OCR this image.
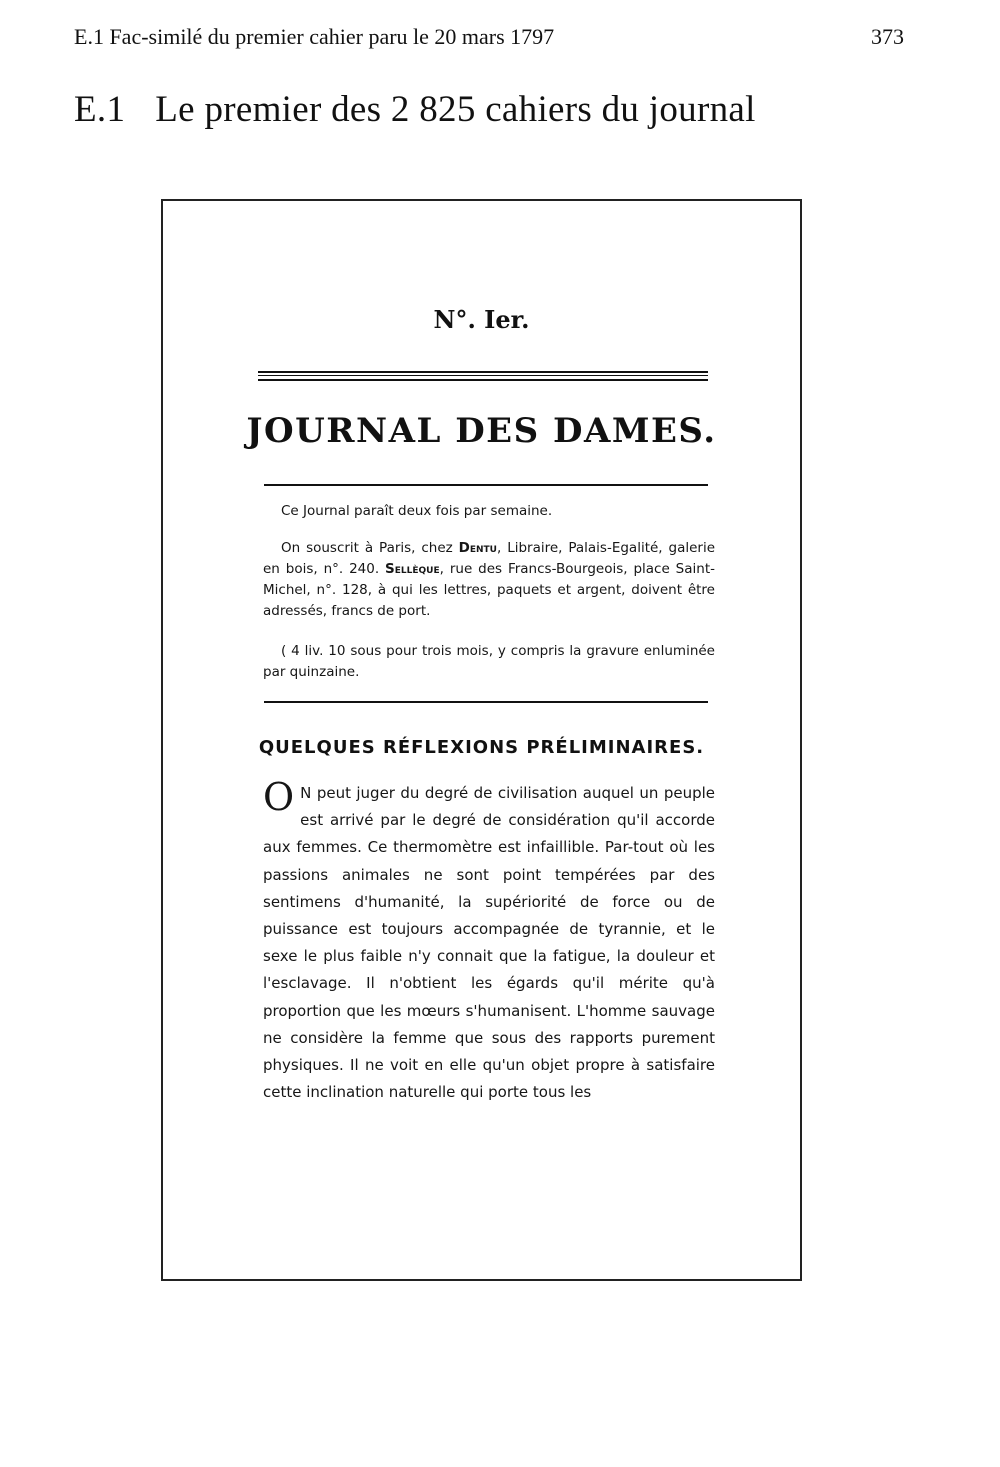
E.1 Fac-similé du premier cahier paru le 20 mars 1797	373
E.1 Le premier des 2 825 cahiers du journal
N°. Ier.
JOURNAL DES DAMES.

Ce Journal paraît deux fois par semaine.

On souscrit à Paris, chez Dentu, Libraire, Palais-Egalité, galerie en bois, n°. 240. Sellèque, rue des Francs-Bourgeois, place Saint-Michel, n°. 128, à qui les lettres, paquets et argent, doivent être adressés, francs de port.

( 4 liv. 10 sous pour trois mois, y compris la gravure enluminée par quinzaine.

QUELQUES RÉFLEXIONS PRÉLIMINAIRES.
O N peut juger du degré de civilisation auquel un peuple est arrivé par le degré de considération qu'il accorde aux femmes. Ce thermomètre est infaillible. Par-tout où les passions animales ne sont point tempérées par des sentimens d'humanité, la supériorité de force ou de puissance est toujours accompagnée de tyrannie, et le sexe le plus faible n'y connait que la fatigue, la douleur et l'esclavage. Il n'obtient les égards qu'il mérite qu'à proportion que les mœurs s'humanisent. L'homme sauvage ne considère la femme que sous des rapports purement physiques. Il ne voit en elle qu'un objet propre à satisfaire cette inclination naturelle qui porte tous les
